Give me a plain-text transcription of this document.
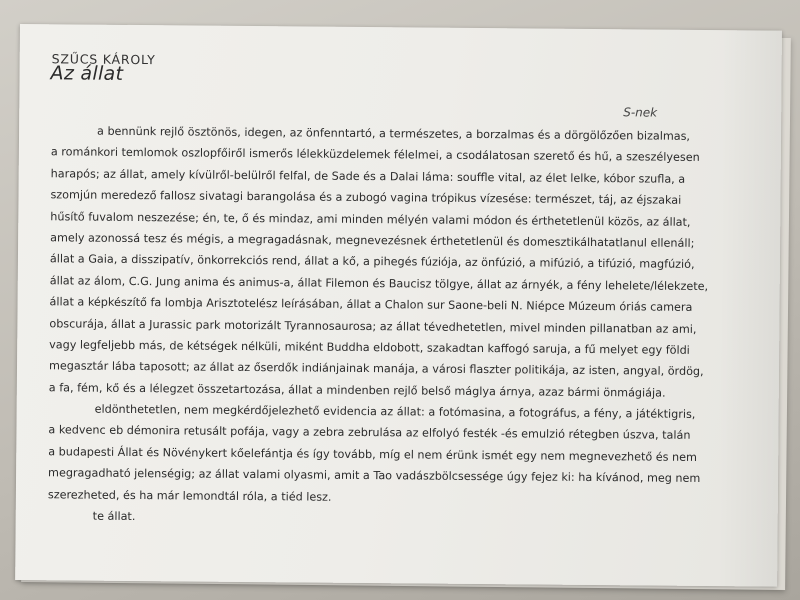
SZŰCS KÁROLY
Az állat
S-nek
a bennünk rejlő ösztönös, idegen, az önfenntartó, a természetes, a borzalmas és a dörgölőzően bizalmas,
a románkori temlomok oszlopfőiről ismerős lélekküzdelemek félelmei, a csodálatosan szerető és hű, a szeszélyesen
harapós; az állat, amely kívülről-belülről felfal, de Sade és a Dalai láma: souffle vital, az élet lelke, kóbor szufla, a
szomjún meredező fallosz sivatagi barangolása és a zubogó vagina trópikus vízesése: természet, táj, az éjszakai
hűsítő fuvalom neszezése; én, te, ő és mindaz, ami minden mélyén valami módon és érthetetlenül közös, az állat,
amely azonossá tesz és mégis, a megragadásnak, megnevezésnek érthetetlenül és domesztikálhatatlanul ellenáll;
állat a Gaia, a disszipatív, önkorrekciós rend, állat a kő, a pihegés fúziója, az önfúzió, a mifúzió, a tifúzió, magfúzió,
állat az álom, C.G. Jung anima és animus-a, állat Filemon és Baucisz tölgye, állat az árnyék, a fény lehelete/lélekzete,
állat a képkészítő fa lombja Arisztotelész leírásában, állat a Chalon sur Saone-beli N. Niépce Múzeum óriás camera
obscurája, állat a Jurassic park motorizált Tyrannosaurosa; az állat tévedhetetlen, mivel minden pillanatban az ami,
vagy legfeljebb más, de kétségek nélküli, miként Buddha eldobott, szakadtan kaffogó saruja, a fű melyet egy földi
megasztár lába taposott; az állat az őserdők indiánjainak manája, a városi flaszter politikája, az isten, angyal, ördög,
a fa, fém, kő és a lélegzet összetartozása, állat a mindenben rejlő belső máglya árnya, azaz bármi önmágiája.
eldönthetetlen, nem megkérdőjelezhető evidencia az állat: a fotómasina, a fotográfus, a fény, a játéktigris,
a kedvenc eb démonira retusált pofája, vagy a zebra zebrulása az elfolyó festék -és emulzió rétegben úszva, talán
a budapesti Állat és Növénykert kőelefántja és így tovább, míg el nem érünk ismét egy nem megnevezhető és nem
megragadható jelenségig; az állat valami olyasmi, amit a Tao vadászbölcsessége úgy fejez ki: ha kívánod, meg nem
szerezheted, és ha már lemondtál róla, a tiéd lesz.
te állat.
